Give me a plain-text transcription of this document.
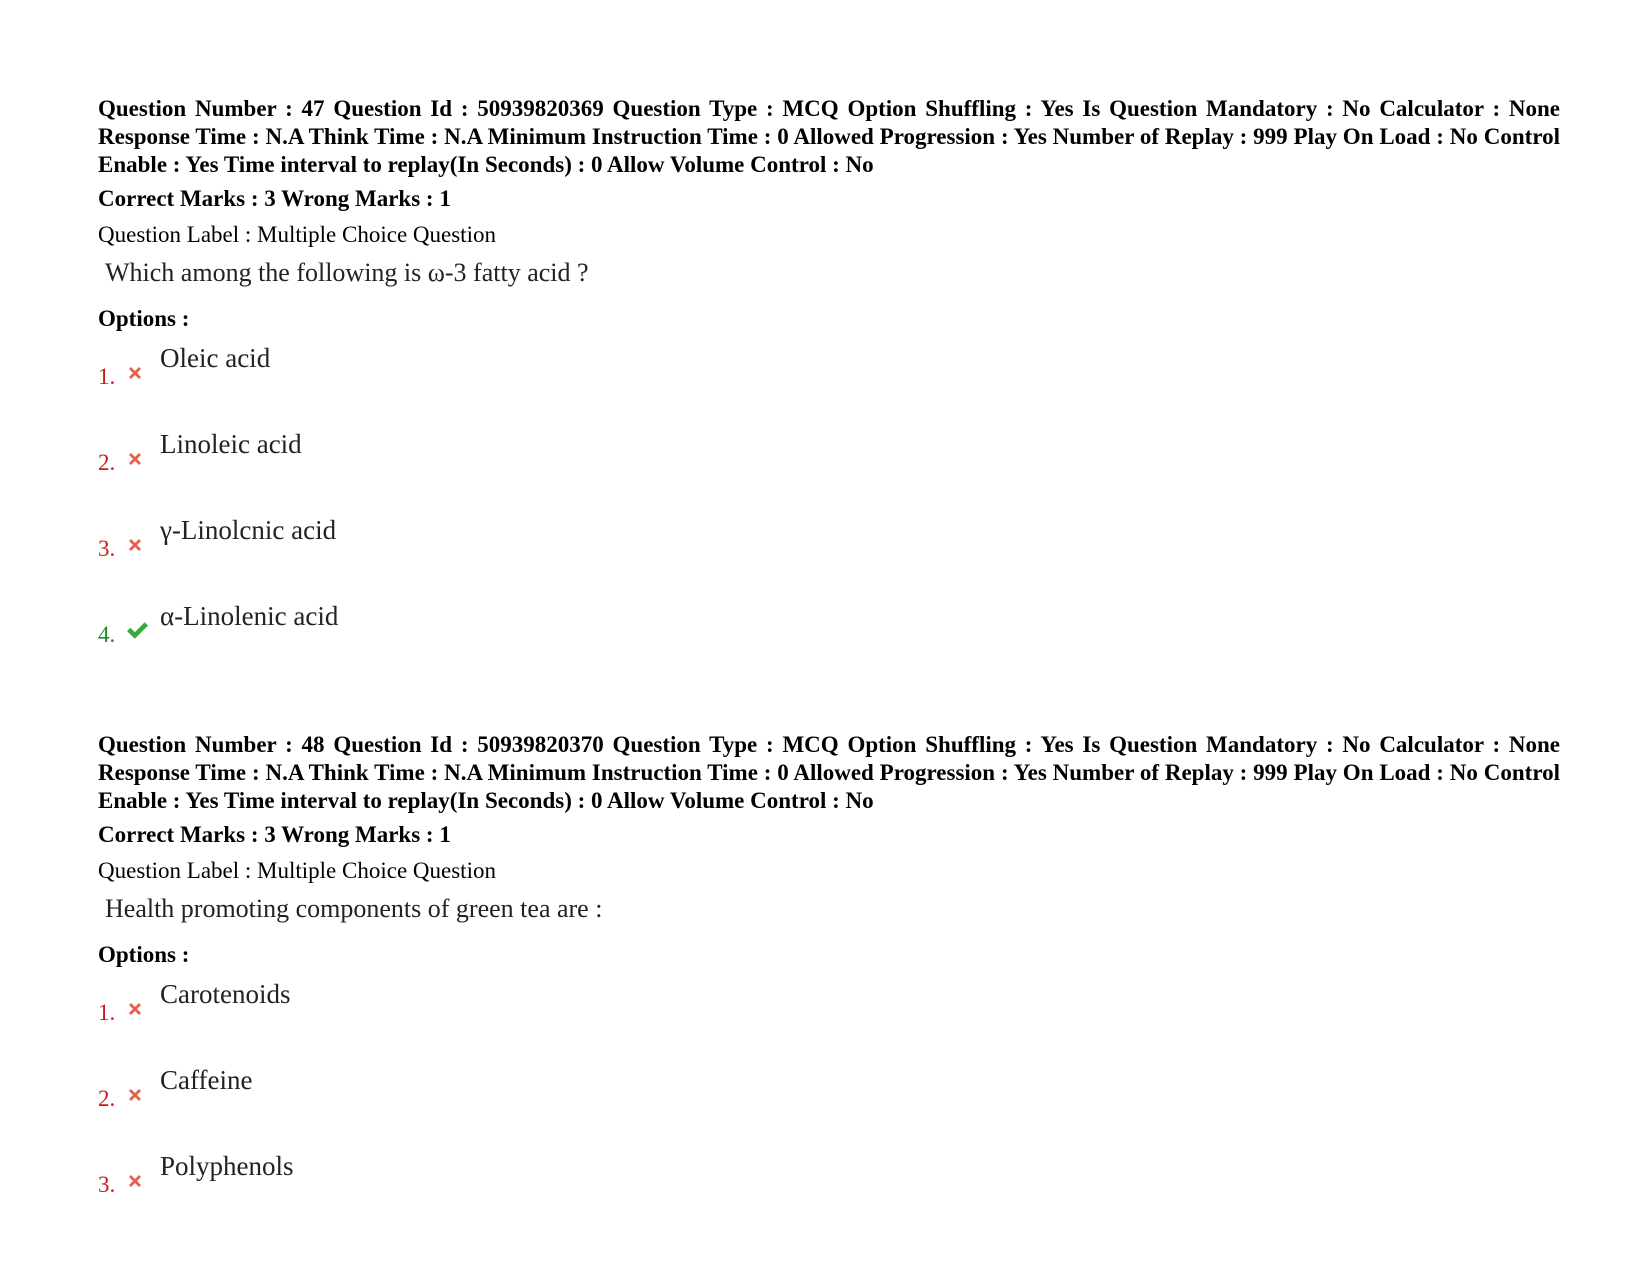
Question Number : 47 Question Id : 50939820369 Question Type : MCQ Option Shuffling : Yes Is Question Mandatory : No Calculator : None Response Time : N.A Think Time : N.A Minimum Instruction Time : 0 Allowed Progression : Yes Number of Replay : 999 Play On Load : No Control Enable : Yes Time interval to replay(In Seconds) : 0 Allow Volume Control : No

Correct Marks : 3 Wrong Marks : 1

Question Label : Multiple Choice Question

Which among the following is ω-3 fatty acid ?

Options :

1.
Oleic acid
2.
Linoleic acid
3.
γ-Linolcnic acid
4.
α-Linolenic acid

Question Number : 48 Question Id : 50939820370 Question Type : MCQ Option Shuffling : Yes Is Question Mandatory : No Calculator : None Response Time : N.A Think Time : N.A Minimum Instruction Time : 0 Allowed Progression : Yes Number of Replay : 999 Play On Load : No Control Enable : Yes Time interval to replay(In Seconds) : 0 Allow Volume Control : No

Correct Marks : 3 Wrong Marks : 1

Question Label : Multiple Choice Question

Health promoting components of green tea are :

Options :

1.
Carotenoids
2.
Caffeine
3.
Polyphenols
